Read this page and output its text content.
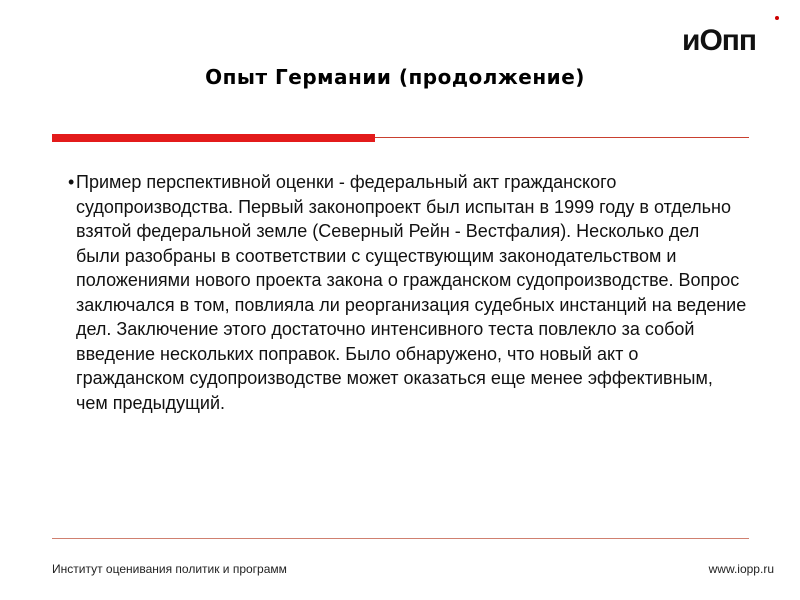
иОпп
Опыт Германии (продолжение)
• Пример перспективной оценки - федеральный акт гражданского судопроизводства. Первый законопроект был испытан в 1999 году в отдельно взятой федеральной земле (Северный Рейн - Вестфалия). Несколько дел были разобраны в соответствии с существующим законодательством и положениями нового проекта закона о гражданском судопроизводстве. Вопрос заключался в том, повлияла ли реорганизация судебных инстанций на ведение дел. Заключение этого достаточно интенсивного теста повлекло за собой введение нескольких поправок. Было обнаружено, что новый акт о гражданском судопроизводстве может оказаться еще менее эффективным, чем предыдущий.
Институт оценивания политик и программ	www.iopp.ru
